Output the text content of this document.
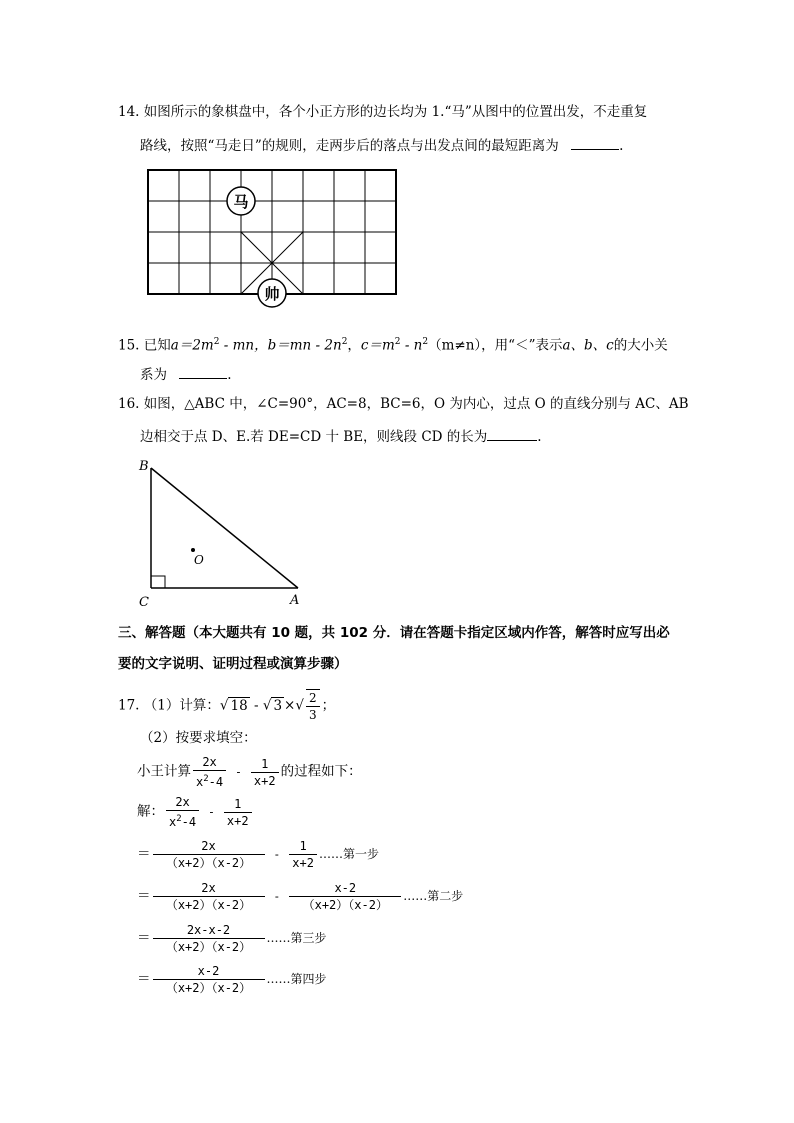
14. 如图所示的象棋盘中，各个小正方形的边长均为 1.“马”从图中的位置出发，不走重复
路线，按照“马走日”的规则，走两步后的落点与出发点间的最短距离为	.
马
帅
15. 已知$a=2m^2$ - mn，$b=mn - 2n^2$，$c=m^2 - n^2(m\ne n)$，用“＜”表示a、b、c的大小关
系为	.
16. 如图，△ABC 中，∠C=90°，AC=8，BC=6，O 为内心，过点 O 的直线分别与 AC、AB
边相交于点 D、E.若 DE=CD 十 BE，则线段 CD 的长为	.
B
C	A
O
三、解答题（本大题共有 10 题，共 102 分．请在答题卡指定区域内作答，解答时应写出必
要的文字说明、证明过程或演算步骤）
17. （1）计算：√ 18 - √ 3 ×√ $\frac{2}{3}$ ；
（2）按要求填空：
小王计算 $\frac{2x}{x^2-4} - \frac{1}{x+2}$ 的过程如下：
解： $\frac{2x}{x^2-4} - \frac{1}{x+2}$
＝ $\frac{2x}{(x+2)(x-2)} - \frac{1}{x+2}$ ……第一步
＝ $\frac{2x}{(x+2)(x-2)} - \frac{x-2}{(x+2)(x-2)}$ ……第二步
＝ $\frac{2x-x-2}{(x+2)(x-2)}$ ……第三步
＝ $\frac{x-2}{(x+2)(x-2)}$ ……第四步
